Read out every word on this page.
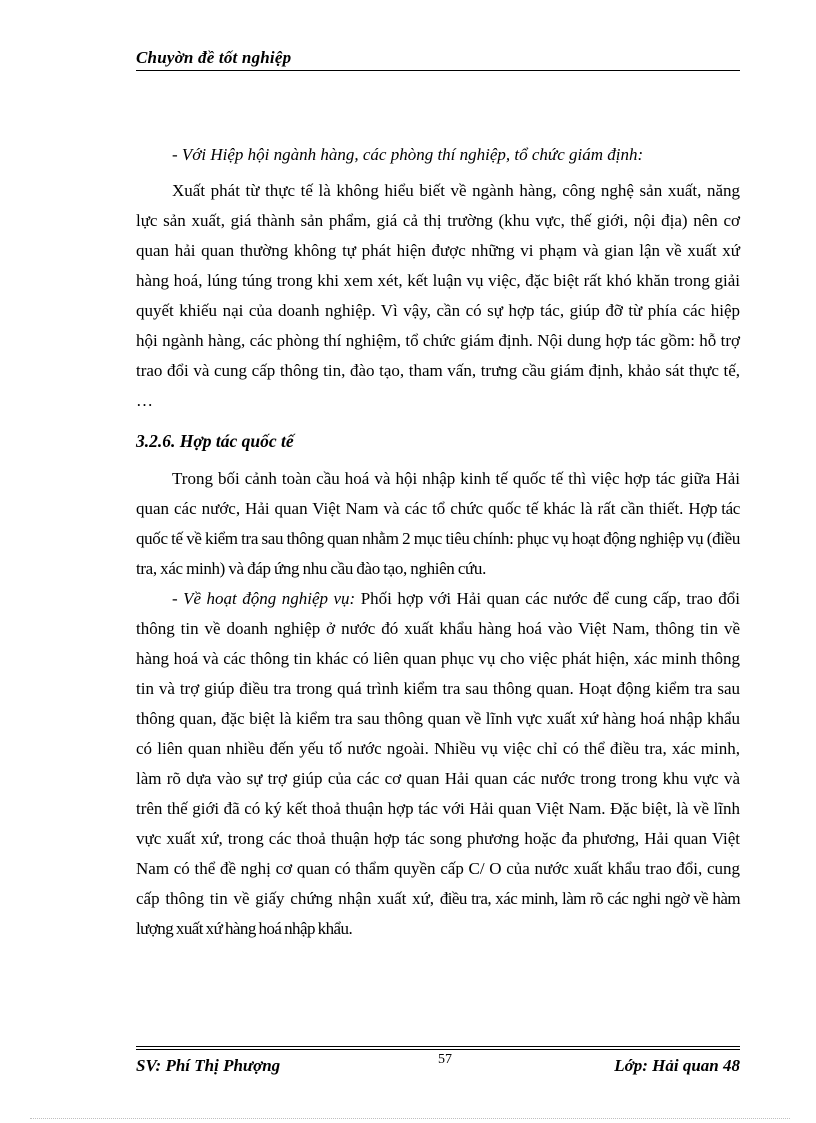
Chuyờn đề tốt nghiệp

- Với Hiệp hội ngành hàng, các phòng thí nghiệp, tổ chức giám định:

Xuất phát từ thực tế là không hiểu biết về ngành hàng, công nghệ sản xuất, năng lực sản xuất, giá thành sản phẩm, giá cả thị trường (khu vực, thế giới, nội địa) nên cơ quan hải quan thường không tự phát hiện được những vi phạm và gian lận về xuất xứ hàng hoá, lúng túng trong khi xem xét, kết luận vụ việc, đặc biệt rất khó khăn trong giải quyết khiếu nại của doanh nghiệp. Vì vậy, cần có sự hợp tác, giúp đỡ từ phía các hiệp hội ngành hàng, các phòng thí nghiệm, tổ chức giám định. Nội dung hợp tác gồm: hỗ trợ trao đổi và cung cấp thông tin, đào tạo, tham vấn, trưng cầu giám định, khảo sát thực tế, …

3.2.6. Hợp tác quốc tế

Trong bối cảnh toàn cầu hoá và hội nhập kinh tế quốc tế thì việc hợp tác giữa Hải quan các nước, Hải quan Việt Nam và các tổ chức quốc tế khác là rất cần thiết. Hợp tác quốc tế về kiểm tra sau thông quan nhằm 2 mục tiêu chính: phục vụ hoạt động nghiệp vụ (điều tra, xác minh) và đáp ứng nhu cầu đào tạo, nghiên cứu.

- Về hoạt động nghiệp vụ: Phối hợp với Hải quan các nước để cung cấp, trao đổi thông tin về doanh nghiệp ở nước đó xuất khẩu hàng hoá vào Việt Nam, thông tin về hàng hoá và các thông tin khác có liên quan phục vụ cho việc phát hiện, xác minh thông tin và trợ giúp điều tra trong quá trình kiểm tra sau thông quan. Hoạt động kiểm tra sau thông quan, đặc biệt là kiểm tra sau thông quan về lĩnh vực xuất xứ hàng hoá nhập khẩu có liên quan nhiều đến yếu tố nước ngoài. Nhiều vụ việc chỉ có thể điều tra, xác minh, làm rõ dựa vào sự trợ giúp của các cơ quan Hải quan các nước trong trong khu vực và trên thế giới đã có ký kết thoả thuận hợp tác với Hải quan Việt Nam. Đặc biệt, là về lĩnh vực xuất xứ, trong các thoả thuận hợp tác song phương hoặc đa phương, Hải quan Việt Nam có thể đề nghị cơ quan có thẩm quyền cấp C/ O của nước xuất khẩu trao đổi, cung cấp thông tin về giấy chứng nhận xuất xứ, điều tra, xác minh, làm rõ các nghi ngờ về hàm lượng xuất xứ hàng hoá nhập khẩu.

SV: Phí Thị Phượng	57	Lớp: Hải quan 48
